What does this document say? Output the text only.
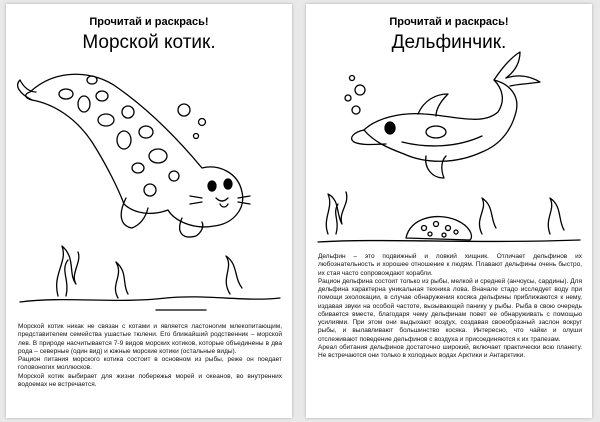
Прочитай и раскрась!
Морской котик.

Морской котик никак не связан с котами и является ластоногим млекопитающим, представителем семейства ушастые тюлени. Его ближайший родственник – морской лев. В природе насчитывается 7-9 видов морских котиков, которые объединены в два рода – северные (один вид) и южные морские котики (остальные виды).

Рацион питания морского котика состоит в основном из рыбы, реже он поедает головоногих моллюсков.

Морской котик выбирает для жизни побережья морей и океанов, во внутренних водоемах не встречается.

Прочитай и раскрась!
Дельфинчик.

Дельфин – это подвижный и ловкий хищник. Отличает дельфинов их любознательность и хорошее отношение к людям. Плавают дельфины очень быстро, их стая часто сопровождают корабли.

Рацион дельфина состоит только из рыбы, мелкой и средней (анчоусы, сардины). Для дельфина характерна уникальная техника лова. Вначале стадо исследует воду при помощи эхолокации, в случае обнаружения косяка дельфины приближаются к нему, издавая звуки на особой частоте, вызывающей панику у рыбы. Рыба в свою очередь сбивается вместе, благодаря чему дельфинам повет ее обнаруживать с помощью усилиями. При этом они выдыхают воздух, создавая своеобразный заслон вокруг рыбы, и вылавливают большинство косяка. Интересно, что чайки и олуши отслеживают поведение дельфинов с воздуха и присоединяются к их трапезам.

Ареал обитания дельфинов достаточно широкий, включает практически всю планету. Не встречаются они только в холодных водах Арктики и Антарктики.
